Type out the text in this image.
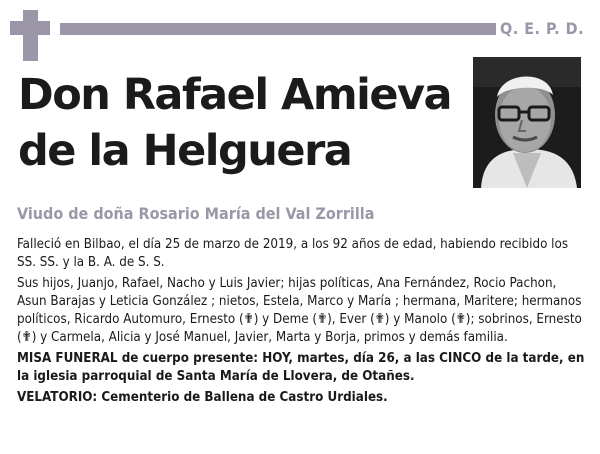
Q. E. P. D.
Don Rafael Amieva
de la Helguera
Viudo de doña Rosario María del Val Zorrilla

Falleció en Bilbao, el día 25 de marzo de 2019, a los 92 años de edad, habiendo recibido los SS. SS. y la B. A. de S. S.

Sus hijos, Juanjo, Rafael, Nacho y Luis Javier; hijas políticas, Ana Fernández, Rocio Pachon, Asun Barajas y Leticia González ; nietos, Estela, Marco y María ; hermana, Maritere; hermanos políticos, Ricardo Automuro, Ernesto (✟) y Deme (✟), Ever (✟) y Manolo (✟); sobrinos, Ernesto (✟) y Carmela, Alicia y José Manuel, Javier, Marta y Borja, primos y demás familia.

MISA FUNERAL de cuerpo presente: HOY, martes, día 26, a las CINCO de la tarde, en la iglesia parroquial de Santa María de Llovera, de Otañes.

VELATORIO: Cementerio de Ballena de Castro Urdiales.
